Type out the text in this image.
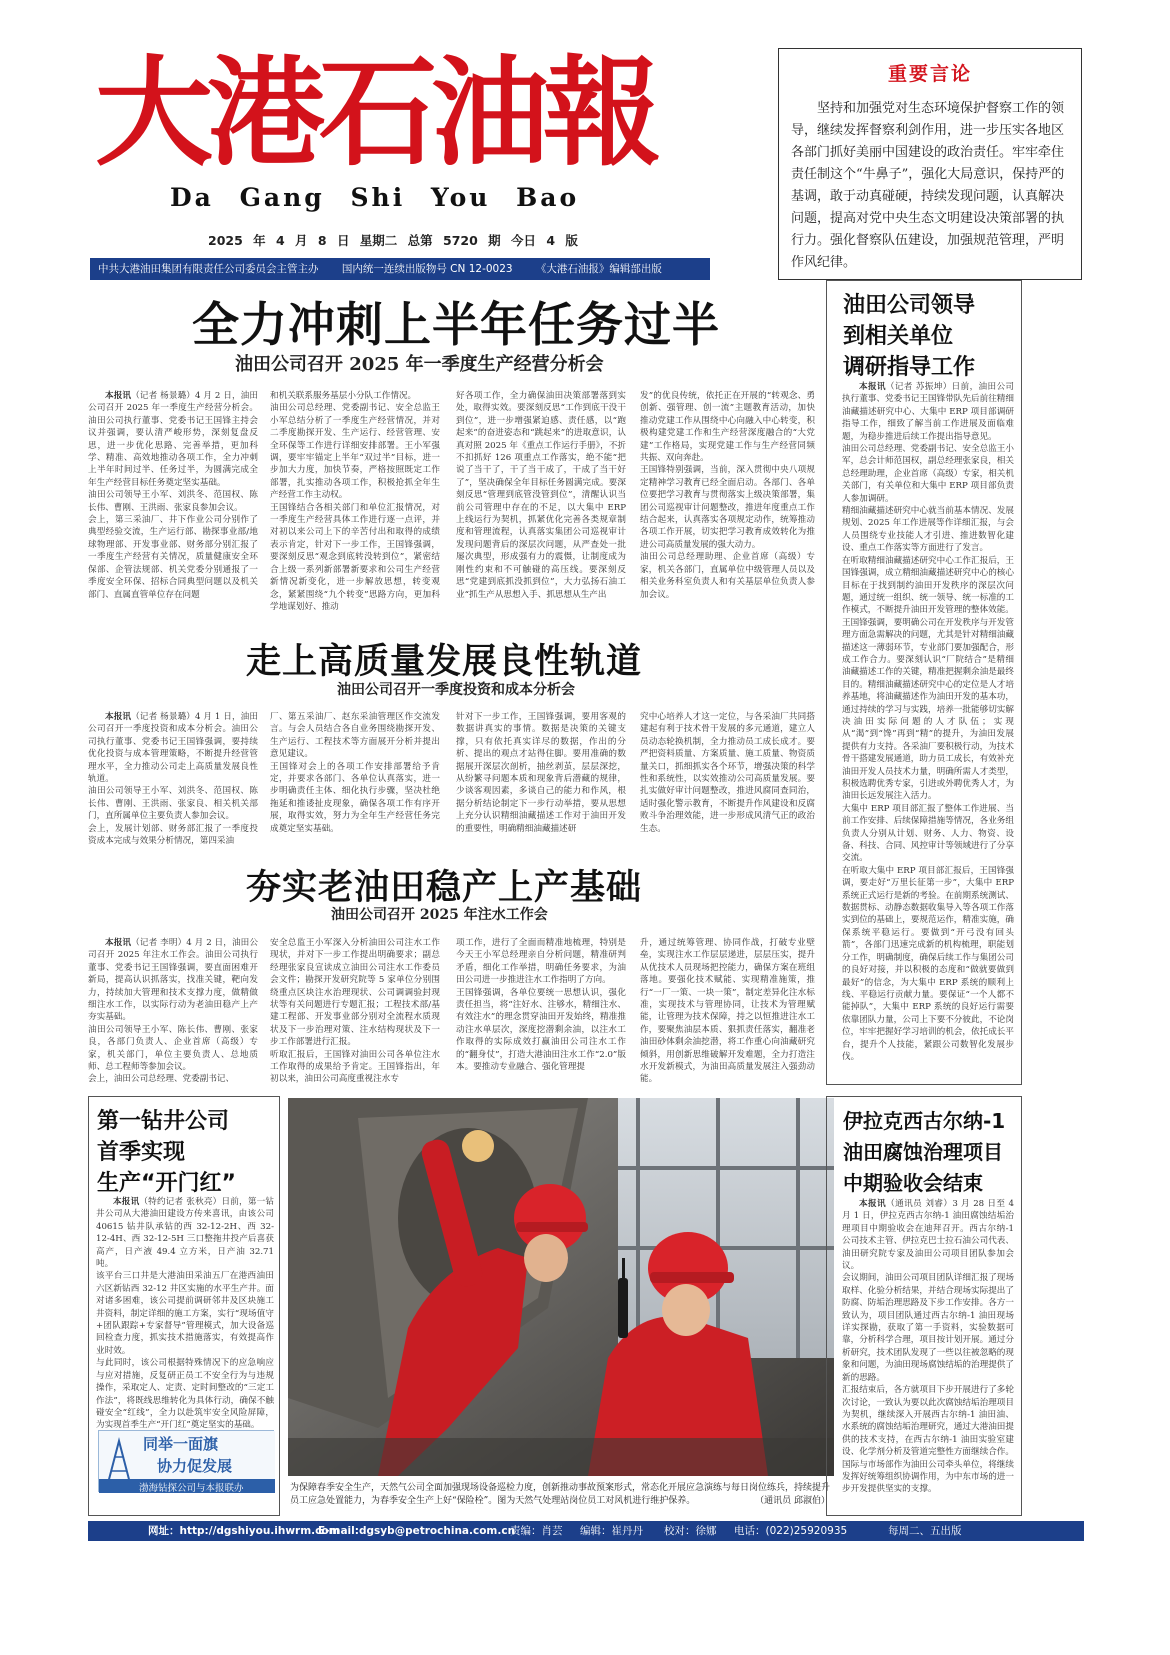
大港石油報
Da Gang Shi You Bao
2025 年 4 月 8 日 星期二 总第 5720 期 今日 4 版
中共大港油田集团有限责任公司委员会主管主办 国内统一连续出版物号 CN 12-0023 《大港石油报》编辑部出版
重要言论
坚持和加强党对生态环境保护督察工作的领导，继续发挥督察利剑作用，进一步压实各地区各部门抓好美丽中国建设的政治责任。牢牢牵住责任制这个“牛鼻子”，强化大局意识，保持严的基调，敢于动真碰硬，持续发现问题，认真解决问题，提高对党中央生态文明建设决策部署的执行力。强化督察队伍建设，加强规范管理，严明作风纪律。
全力冲刺上半年任务过半
油田公司召开 2025 年一季度生产经营分析会

本报讯（记者 杨景璐）4 月 2 日，油田公司召开 2025 年一季度生产经营分析会。油田公司执行董事、党委书记王国锋主持会议并强调，要认清严峻形势，深刻复盘反思，进一步优化思路、完善举措，更加科学、精准、高效地推动各项工作，全力冲刺上半年时间过半、任务过半，为圆满完成全年生产经营目标任务奠定坚实基础。
油田公司领导王小军、刘洪冬、范国权、陈长伟、曹刚、王洪雨、张家良参加会议。
会上，第三采油厂、井下作业公司分别作了典型经验交流，生产运行部、勘探事业部/地球物理部、开发事业部、财务部分别汇报了一季度生产经营有关情况，质量健康安全环保部、企管法规部、机关党委分别通报了一季度安全环保、招标合同典型问题以及机关部门、直属直管单位存在问题

和机关联系服务基层小分队工作情况。
油田公司总经理、党委副书记、安全总监王小军总结分析了一季度生产经营情况，并对二季度勘探开发、生产运行、经营管理、安全环保等工作进行详细安排部署。王小军强调，要牢牢锚定上半年“双过半”目标，进一步加大力度，加快节奏，严格按照既定工作部署，扎实推动各项工作，积极抢抓全年生产经营工作主动权。
王国锋结合各相关部门和单位汇报情况，对一季度生产经营具体工作进行逐一点评，并对初以来公司上下的辛苦付出和取得的成绩表示肯定，针对下一步工作，王国锋强调，要深刻反思“观念到底转没转到位”，紧密结合上级一系列新部署新要求和公司生产经营新情况新变化，进一步解放思想，转变观念，紧紧围绕“九个转变”思路方向，更加科学地谋划好、推动
好各项工作，全力确保油田决策部署落到实处，取得实效。要深刻反思“工作到底干没干到位”，进一步增强紧迫感、责任感，以“跑起来”的奋进姿态和“跳起来”的进取意识，认真对照 2025 年《重点工作运行手册》，不折不扣抓好 126 项重点工作落实，绝不能“把说了当干了，干了当干成了，干成了当干好了”，坚决确保全年目标任务圆满完成。要深刻反思“管理到底管没管到位”，清醒认识当前公司管理中存在的不足，以大集中 ERP 上线运行为契机，抓紧优化完善各类规章制度和管理流程，认真落实集团公司巡视审计发现问题背后的深层次问题，从严查处一批屡次典型，形成强有力的震慑，让制度成为刚性约束和不可触碰的高压线。要深刻反思“党建到底抓没抓到位”，大力弘扬石油工业“抓生产从思想入手、抓思想从生产出
发”的优良传统，依托正在开展的“转观念、勇创新、强管理、创一流”主题教育活动，加快推动党建工作从围绕中心向融入中心转变，积极构建党建工作和生产经营深度融合的“大党建”工作格局，实现党建工作与生产经营同频共振、双向奔赴。
王国锋特别强调，当前，深入贯彻中央八项规定精神学习教育已经全面启动。各部门、各单位要把学习教育与贯彻落实上级决策部署，集团公司巡视审计问题整改，推进年度重点工作结合起来，认真落实各项规定动作，统筹推动各项工作开展，切实把学习教育成效转化为推进公司高质量发展的强大动力。
油田公司总经理助理、企业首席（高级）专家，机关各部门，直属单位中级管理人员以及相关业务科室负责人和有关基层单位负责人参加会议。
走上高质量发展良性轨道
油田公司召开一季度投资和成本分析会

本报讯（记者 杨景璐）4 月 1 日，油田公司召开一季度投资和成本分析会。油田公司执行董事、党委书记王国锋强调，要持续优化投资与成本管理策略，不断提升经营管理水平，全力推动公司走上高质量发展良性轨道。
油田公司领导王小军、刘洪冬、范国权、陈长伟、曹刚、王洪雨、张家良、相关机关部门，直所属单位主要负责人参加会议。
会上，发展计划部、财务部汇报了一季度投资成本完成与效果分析情况，第四采油

厂、第五采油厂、赵东采油管理区作交流发言。与会人员结合各自业务围绕勘探开发、生产运行、工程技术等方面展开分析并提出意见建议。
王国锋对会上的各项工作安排部署给予肯定，并要求各部门、各单位认真落实，进一步明确责任主体、细化执行步骤，坚决杜绝拖延和推诿扯皮现象，确保各项工作有序开展，取得实效，努力为全年生产经营任务完成奠定坚实基础。
针对下一步工作，王国锋强调，要用客观的数据讲真实的事情。数据是决策的关键支撑，只有依托真实详尽的数据，作出的分析、提出的观点才站得住脚。要用准确的数据展开深层次剖析，抽丝剥茧，层层深挖，从纷繁寻问题本质和现象背后潜藏的规律，少谈客观因素，多谈自己的能力和作风，根据分析结论制定下一步行动举措，要从思想上充分认识精细油藏描述工作对于油田开发的重要性，明确精细油藏描述研
究中心培养人才这一定位，与各采油厂共同搭建起有利于技术骨干发展的多元通道，建立人员动态轮换机制，全力推动员工成长成才。要严把资料质量、方案质量、施工质量、物资质量关口，抓细抓实各个环节，增强决策的科学性和系统性，以实效推动公司高质量发展。要扎实做好审计问题整改，推进风腐同查同治，适时强化警示教育，不断提升作风建设和反腐败斗争治理效能，进一步形成风清气正的政治生态。
夯实老油田稳产上产基础
油田公司召开 2025 年注水工作会

本报讯（记者 李明）4 月 2 日，油田公司召开 2025 年注水工作会。油田公司执行董事、党委书记王国锋强调，要直面困难开新局，提高认识抓落实，找准关键，靶向发力，持续加大管理和技术支撑力度，做精做细注水工作，以实际行动为老油田稳产上产夯实基础。
油田公司领导王小军、陈长伟、曹刚、张家良，各部门负责人、企业首席（高级）专家，机关部门，单位主要负责人、总地质师、总工程师等参加会议。
会上，油田公司总经理、党委副书记、

安全总监王小军深入分析油田公司注水工作现状，并对下一步工作提出明确要求；副总经理张家良宣读成立油田公司注水工作委员会文件；勘探开发研究院等 5 家单位分别围绕重点区块注水治理现状、公司调调验封现状等有关问题进行专题汇报；工程技术部/基建工程部、开发事业部分别对全流程水质现状及下一步治理对策、注水结构现状及下一步工作部署进行汇报。
听取汇报后，王国锋对油田公司各单位注水工作取得的成果给予肯定。王国锋指出，年初以来，油田公司高度重视注水专
项工作，进行了全面而精准地梳理，特别是今天王小军总经理亲自分析问题，精准研判矛盾，细化工作举措，明确任务要求，为油田公司进一步推进注水工作指明了方向。
王国锋强调，各单位要统一思想认识，强化责任担当，将“注好水、注够水，精细注水、有效注水”的理念贯穿油田开发始终，精准推动注水单层次，深度挖潜剩余油，以注水工作取得的实际成效打赢油田公司注水工作的“翻身仗”，打造大港油田注水工作“2.0”版本。要推动专业融合、强化管理提
升，通过统筹管理、协同作战，打破专业壁垒，实现注水工作层层递进，层层压实，提升从优技术人员现场把控能力，确保方案在班组落地。要强化技术赋能、实现精准施策，推行“一厂一策、一块一策”，制定差异化注水标准，实现技术与管理协同，让技术为管理赋能，让管理为技术保障，持之以恒推进注水工作，要聚焦油层本质、狠抓责任落实，翻准老油田砂体剩余油挖潜，将工作重心向油藏研究倾斜，用创新思维破解开发难题，全力打造注水开发新模式，为油田高质量发展注入强劲动能。
油田公司领导
到相关单位
调研指导工作

本报讯（记者 苏振坤）日前，油田公司执行董事、党委书记王国锋带队先后前往精细油藏描述研究中心、大集中 ERP 项目部调研指导工作，细致了解当前工作进展及面临难题，为稳步推进后续工作提出指导意见。
油田公司总经理、党委副书记、安全总监王小军，总会计师范国权，副总经理张家良，相关总经理助理，企业首席（高级）专家，相关机关部门，有关单位和大集中 ERP 项目部负责人参加调研。
精细油藏描述研究中心就当前基本情况、发展规划、2025 年工作进展等作详细汇报，与会人员围绕专业技能人才引进、推进数智化建设、重点工作落实等方面进行了发言。
在听取精细油藏描述研究中心工作汇报后，王国锋强调，成立精细油藏描述研究中心的核心目标在于找到制约油田开发秩序的深层次问题，通过统一组织、统一领导、统一标准的工作模式，不断提升油田开发管理的整体效能。
王国锋强调，要明确公司在开发秩序与开发管理方面急需解决的问题，尤其是针对精细油藏描述这一薄弱环节，专业部门要加强配合，形成工作合力。要深刻认识“厂院结合”是精细油藏描述工作的关键，精准把握剩余油是最终目的。精细油藏描述研究中心的定位是人才培养基地，将油藏描述作为油田开发的基本功，通过持续的学习与实践，培养一批能够切实解决油田实际问题的人才队伍；实现从“渴”到“馋”再到“精”的提升，为油田发展提供有力支持。各采油厂要积极行动，为技术骨干搭建发展通道，助力员工成长，有效补充油田开发人员技术力量，明确所需人才类型，积极选聘优秀专家，引进或外聘优秀人才，为油田长远发展注入活力。
大集中 ERP 项目部汇报了整体工作进展、当前工作安排、后续保障措施等情况，各业务组负责人分别从计划、财务、人力、物资、设备、科技、合同、风控审计等领域进行了分享交流。
在听取大集中 ERP 项目部汇报后，王国锋强调，要走好“万里长征第一步”，大集中 ERP 系统正式运行是新的考验。在前期系统测试、数据贯标、动静态数据收集导入等各项工作落实到位的基础上，要规范运作，精准实施，确保系统平稳运行。要做到“开弓没有回头箭”，各部门迅速完成新的机构梳理，职能划分工作，明确制度，确保后续工作与集团公司的良好对接，并以积极的态度和“做就要做到最好”的信念，为大集中 ERP 系统的顺利上线、平稳运行贡献力量。要保证“一个人都不能掉队”，大集中 ERP 系统的良好运行需要依靠团队力量，公司上下要不分彼此，不论岗位，牢牢把握好学习培训的机会，依托成长平台，提升个人技能，紧跟公司数智化发展步伐。

第一钻井公司
首季实现
生产“开门红”

本报讯（特约记者 张秋亮）日前，第一钻井公司从大港油田建设方传来喜讯，由该公司 40615 钻井队承钻的西 32-12-2H、西 32-12-4H、西 32-12-5H 三口整拖井投产后喜获高产，日产液 49.4 立方米，日产油 32.71 吨。
该平台三口井是大港油田采油五厂在港西油田六区新钻西 32-12 井区实施的水平生产井。面对诸多困难，该公司提前调研邻井及区块施工井资料，制定详细的施工方案，实行“现场值守+团队跟踪+专家督导”管理模式，加大设备巡回检查力度，抓实技术措施落实，有效提高作业时效。
与此同时，该公司根据特殊情况下的应急响应与应对措施，反复研正员工不安全行为与违规操作，采取定人、定责、定时间整改的“三定工作法”，将既线思维转化为具体行动，确保不触碰安全“红线”，全力以赴筑牢安全风险屏障，为实现首季生产“开门红”奠定坚实的基础。

同举一面旗
协力促发展
渤海钻探公司与本报联办	为保障春季安全生产，天然气公司全面加强现场设备巡检力度，创新推动事故预案形式，常态化开展应急演练与每日岗位练兵，持续提升员工应急处置能力，为春季安全生产上好“保险栓”。图为天然气处理站岗位员工对风机进行维护保养。	（通讯员 邱淑伯）
伊拉克西古尔纳-1
油田腐蚀治理项目
中期验收会结束

本报讯（通讯员 刘睿）3 月 28 日至 4 月 1 日，伊拉克西古尔纳-1 油田腐蚀结垢治理项目中期验收会在迪拜召开。西古尔纳-1 公司技术主管、伊拉克巴士拉石油公司代表、油田研究院专家及油田公司项目团队参加会议。
会议期间，油田公司项目团队详细汇报了现场取样、化验分析结果，并结合现场实际提出了防腐、防垢治理思路及下步工作安排。各方一致认为，项目团队通过西古尔纳-1 油田现场详实探勘，获取了第一手资料，实验数据可靠，分析科学合理，项目按计划开展。通过分析研究，技术团队发现了一些以往被忽略的现象和问题，为油田现场腐蚀结垢的治理提供了新的思路。
汇报结束后，各方就项目下步开展进行了多轮次讨论，一致认为要以此次腐蚀结垢治理项目为契机，继续深入开展西古尔纳-1 油田油、水系统的腐蚀结垢治理研究，通过大港油田提供的技术支持，在西古尔纳-1 油田实验室建设、化学剂分析及管道完整性方面继续合作。国际与市场部作为油田公司牵头单位，将继续发挥好统筹组织协调作用，为中东市场的进一步开发提供坚实的支撑。

网址：http://dgshiyou.ihwrm.com
E-mail:dgsyb@petrochina.com.cn
责编：肖芸 编辑：崔丹丹 校对：徐娜 电话：(022)25920935	每周二、五出版
